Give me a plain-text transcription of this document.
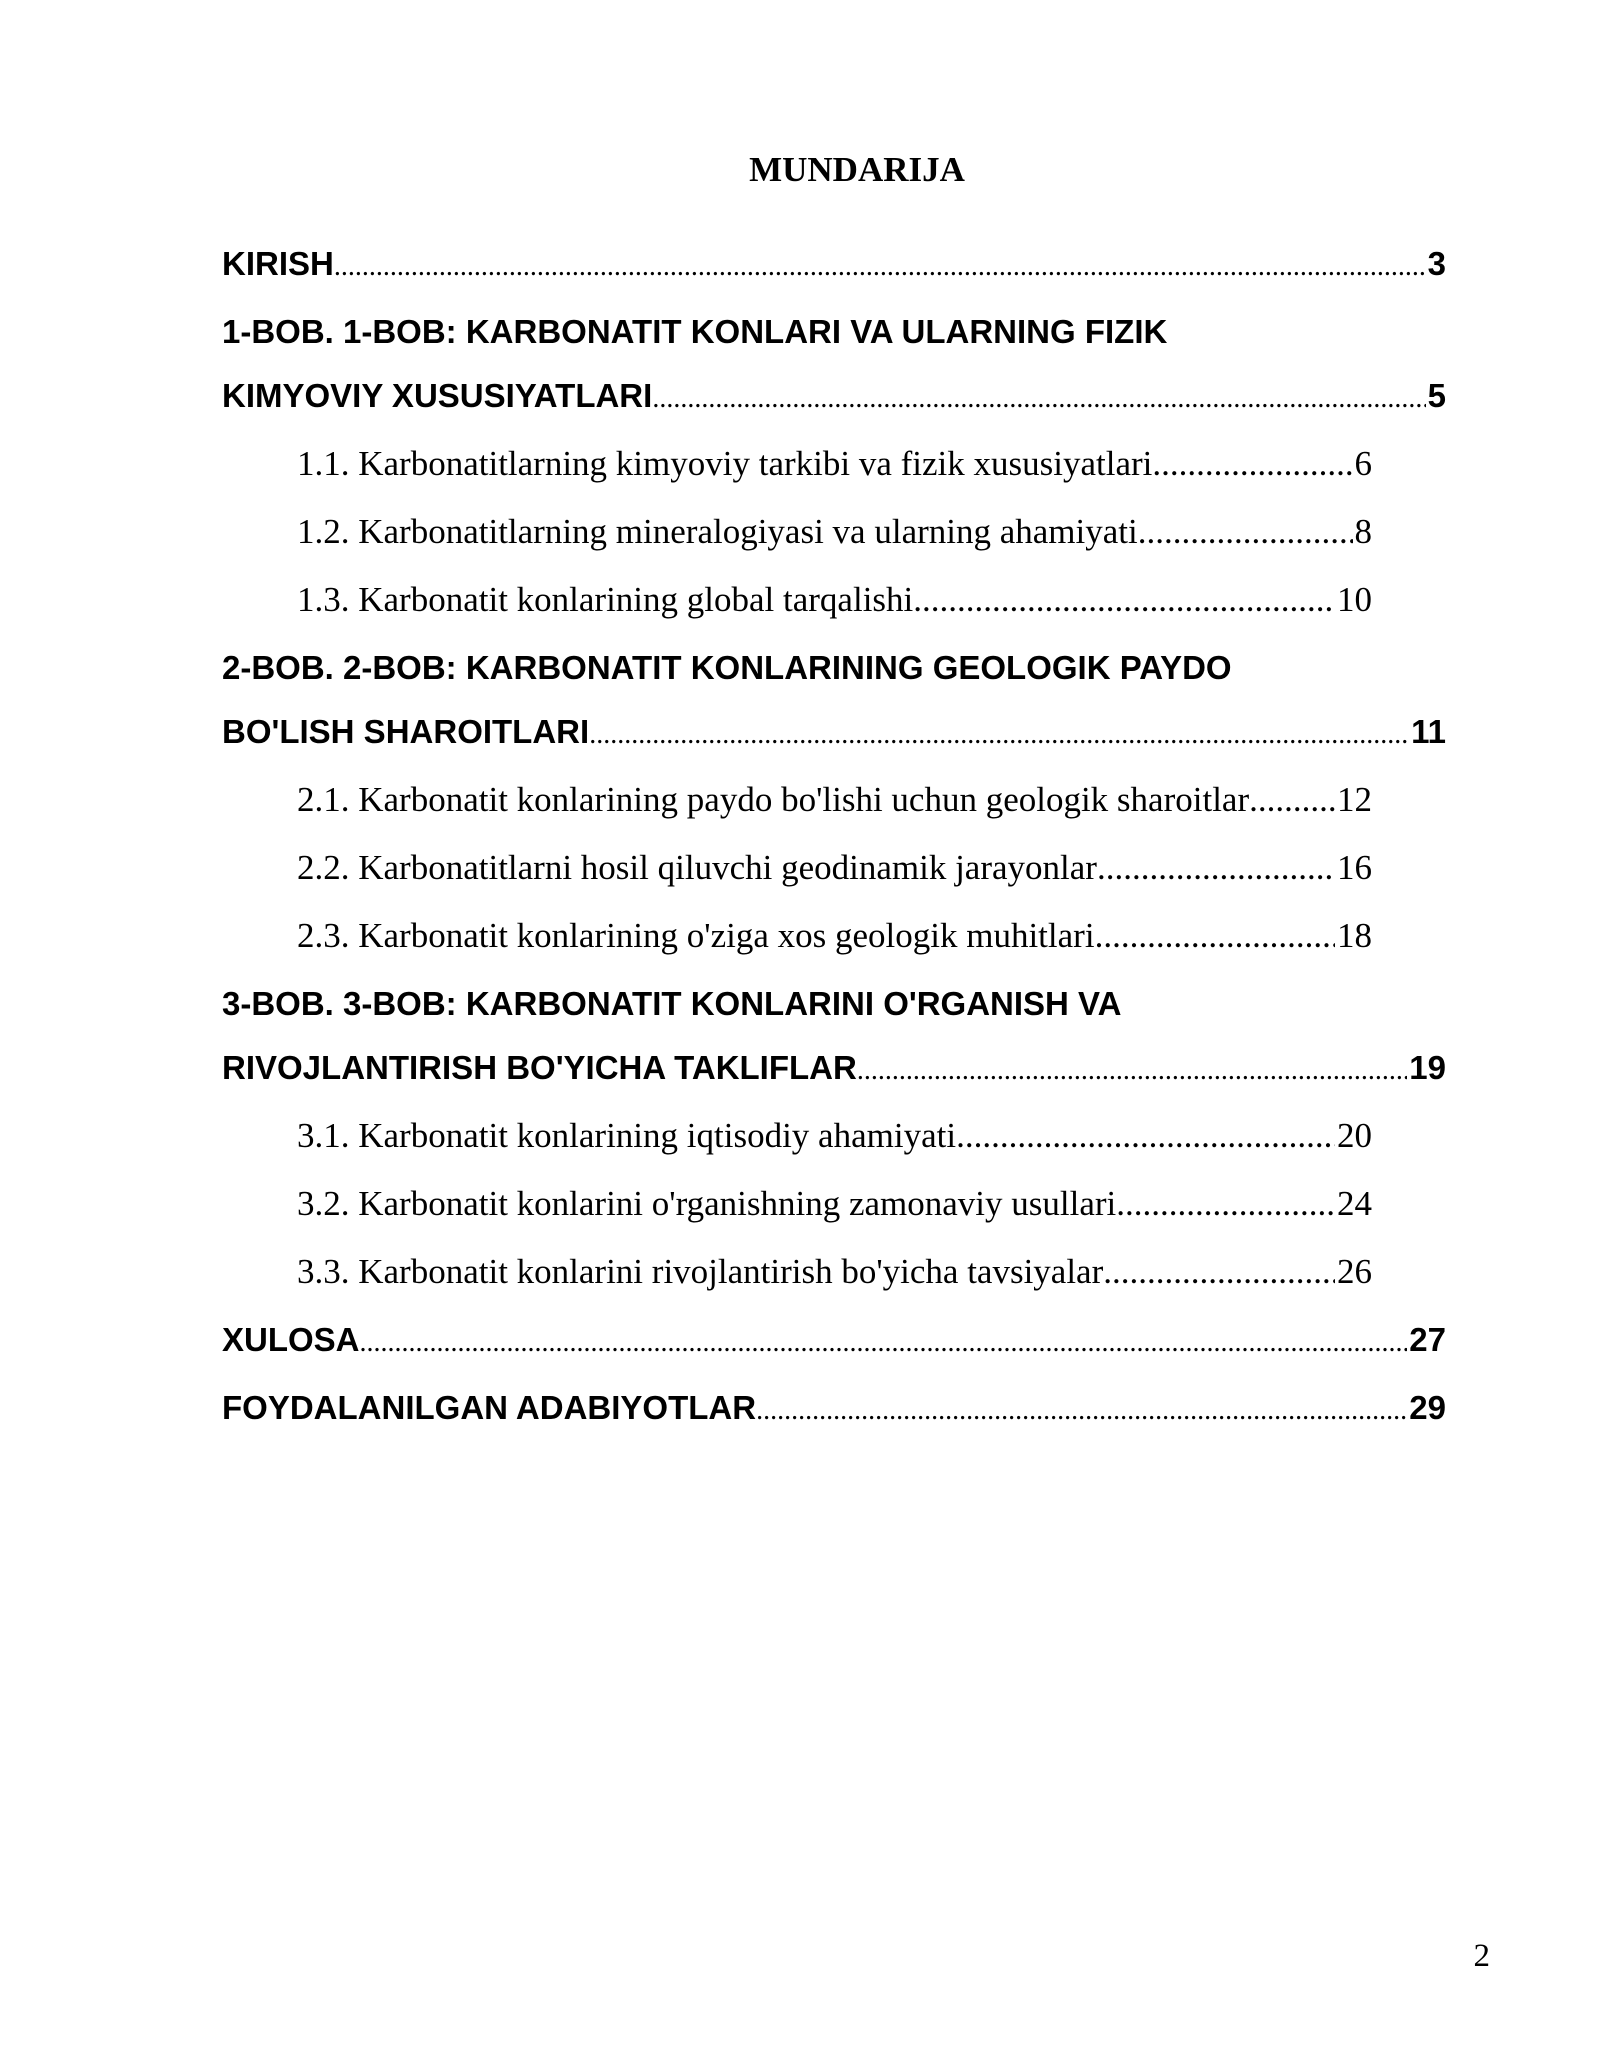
MUNDARIJA
KIRISH .....	3
1-BOB. 1-BOB: KARBONATIT KONLARI VA ULARNING FIZIK
KIMYOVIY XUSUSIYATLARI .....	5
1.1. Karbonatitlarning kimyoviy tarkibi va fizik xususiyatlari .....	6
1.2. Karbonatitlarning mineralogiyasi va ularning ahamiyati .....	8
1.3. Karbonatit konlarining global tarqalishi .....	10
2-BOB. 2-BOB: KARBONATIT KONLARINING GEOLOGIK PAYDO
BO'LISH SHAROITLARI .....	11
2.1. Karbonatit konlarining paydo bo'lishi uchun geologik sharoitlar .....	12
2.2. Karbonatitlarni hosil qiluvchi geodinamik jarayonlar .....	16
2.3. Karbonatit konlarining o'ziga xos geologik muhitlari .....	18
3-BOB. 3-BOB: KARBONATIT KONLARINI O'RGANISH VA
RIVOJLANTIRISH BO'YICHA TAKLIFLAR .....	19
3.1. Karbonatit konlarining iqtisodiy ahamiyati .....	20
3.2. Karbonatit konlarini o'rganishning zamonaviy usullari .....	24
3.3. Karbonatit konlarini rivojlantirish bo'yicha tavsiyalar .....	26
XULOSA .....	27
FOYDALANILGAN ADABIYOTLAR .....	29
2
